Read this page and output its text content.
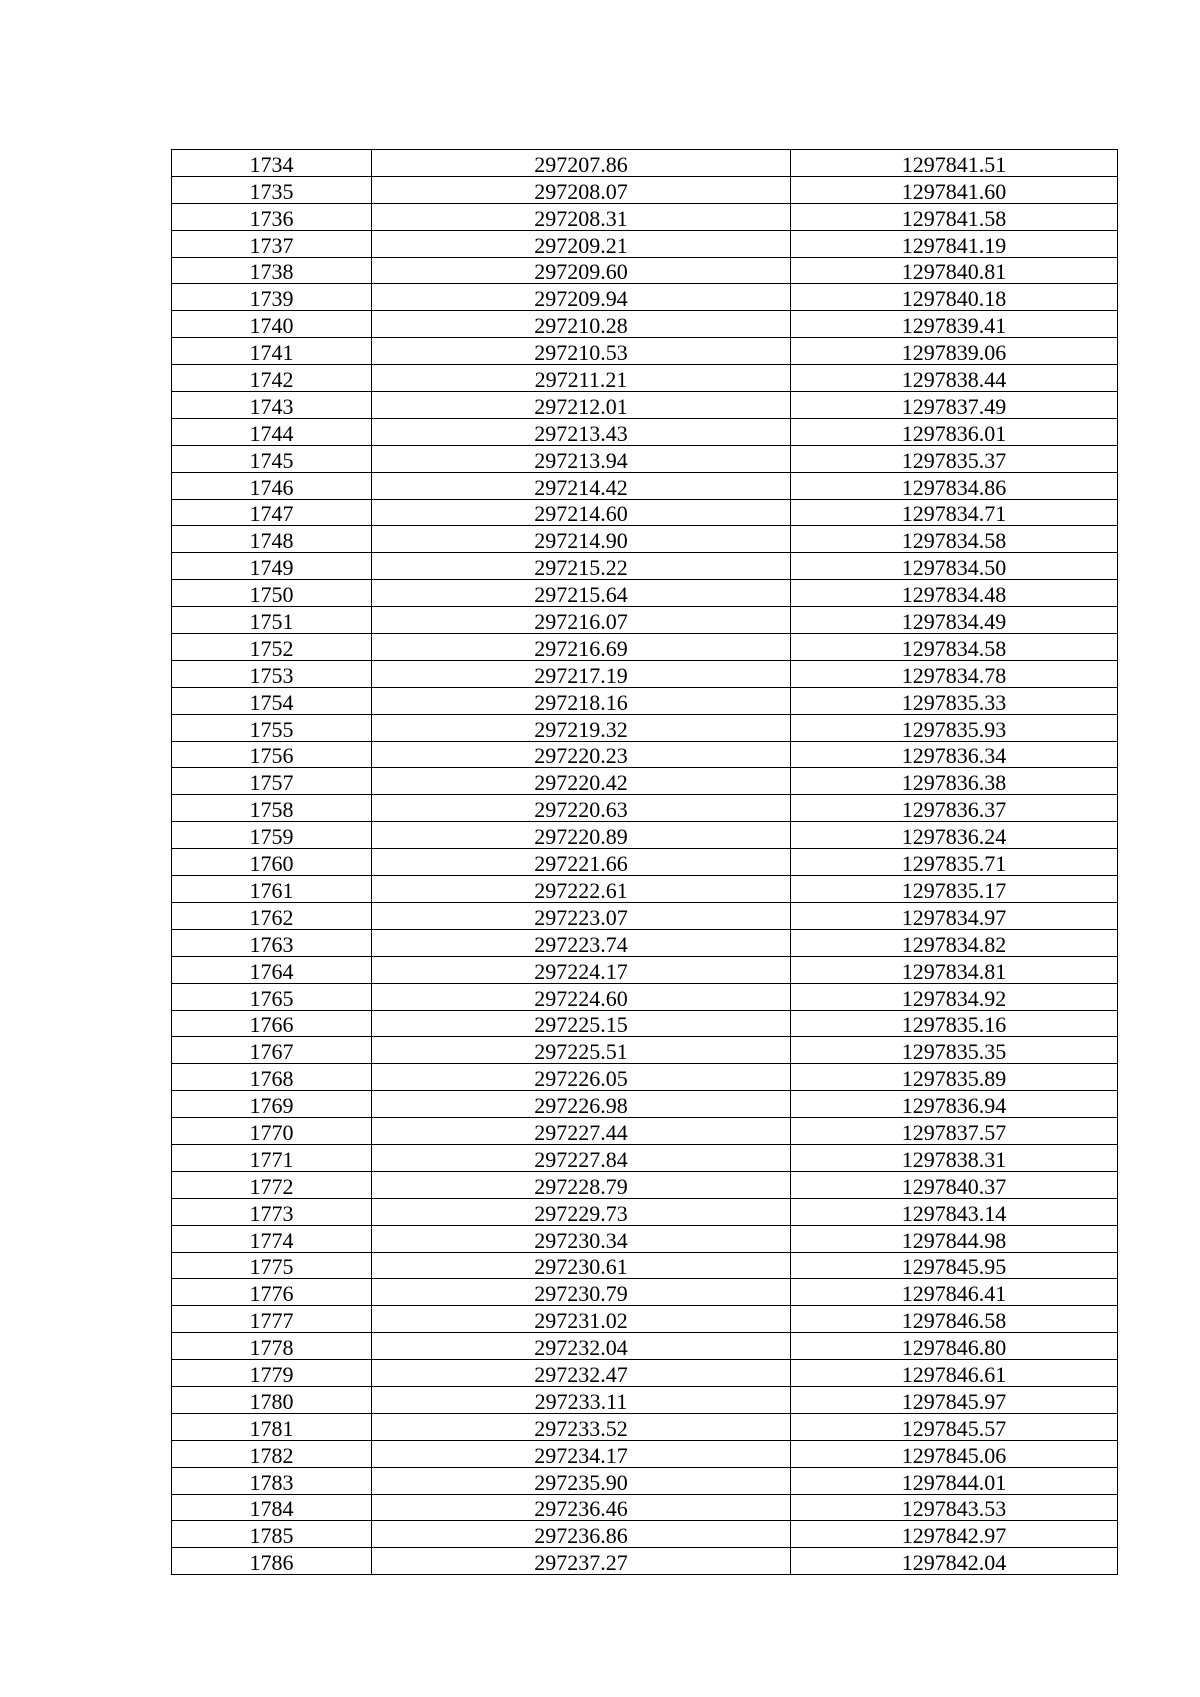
1734	297207.86	1297841.51
1735	297208.07	1297841.60
1736	297208.31	1297841.58
1737	297209.21	1297841.19
1738	297209.60	1297840.81
1739	297209.94	1297840.18
1740	297210.28	1297839.41
1741	297210.53	1297839.06
1742	297211.21	1297838.44
1743	297212.01	1297837.49
1744	297213.43	1297836.01
1745	297213.94	1297835.37
1746	297214.42	1297834.86
1747	297214.60	1297834.71
1748	297214.90	1297834.58
1749	297215.22	1297834.50
1750	297215.64	1297834.48
1751	297216.07	1297834.49
1752	297216.69	1297834.58
1753	297217.19	1297834.78
1754	297218.16	1297835.33
1755	297219.32	1297835.93
1756	297220.23	1297836.34
1757	297220.42	1297836.38
1758	297220.63	1297836.37
1759	297220.89	1297836.24
1760	297221.66	1297835.71
1761	297222.61	1297835.17
1762	297223.07	1297834.97
1763	297223.74	1297834.82
1764	297224.17	1297834.81
1765	297224.60	1297834.92
1766	297225.15	1297835.16
1767	297225.51	1297835.35
1768	297226.05	1297835.89
1769	297226.98	1297836.94
1770	297227.44	1297837.57
1771	297227.84	1297838.31
1772	297228.79	1297840.37
1773	297229.73	1297843.14
1774	297230.34	1297844.98
1775	297230.61	1297845.95
1776	297230.79	1297846.41
1777	297231.02	1297846.58
1778	297232.04	1297846.80
1779	297232.47	1297846.61
1780	297233.11	1297845.97
1781	297233.52	1297845.57
1782	297234.17	1297845.06
1783	297235.90	1297844.01
1784	297236.46	1297843.53
1785	297236.86	1297842.97
1786	297237.27	1297842.04
